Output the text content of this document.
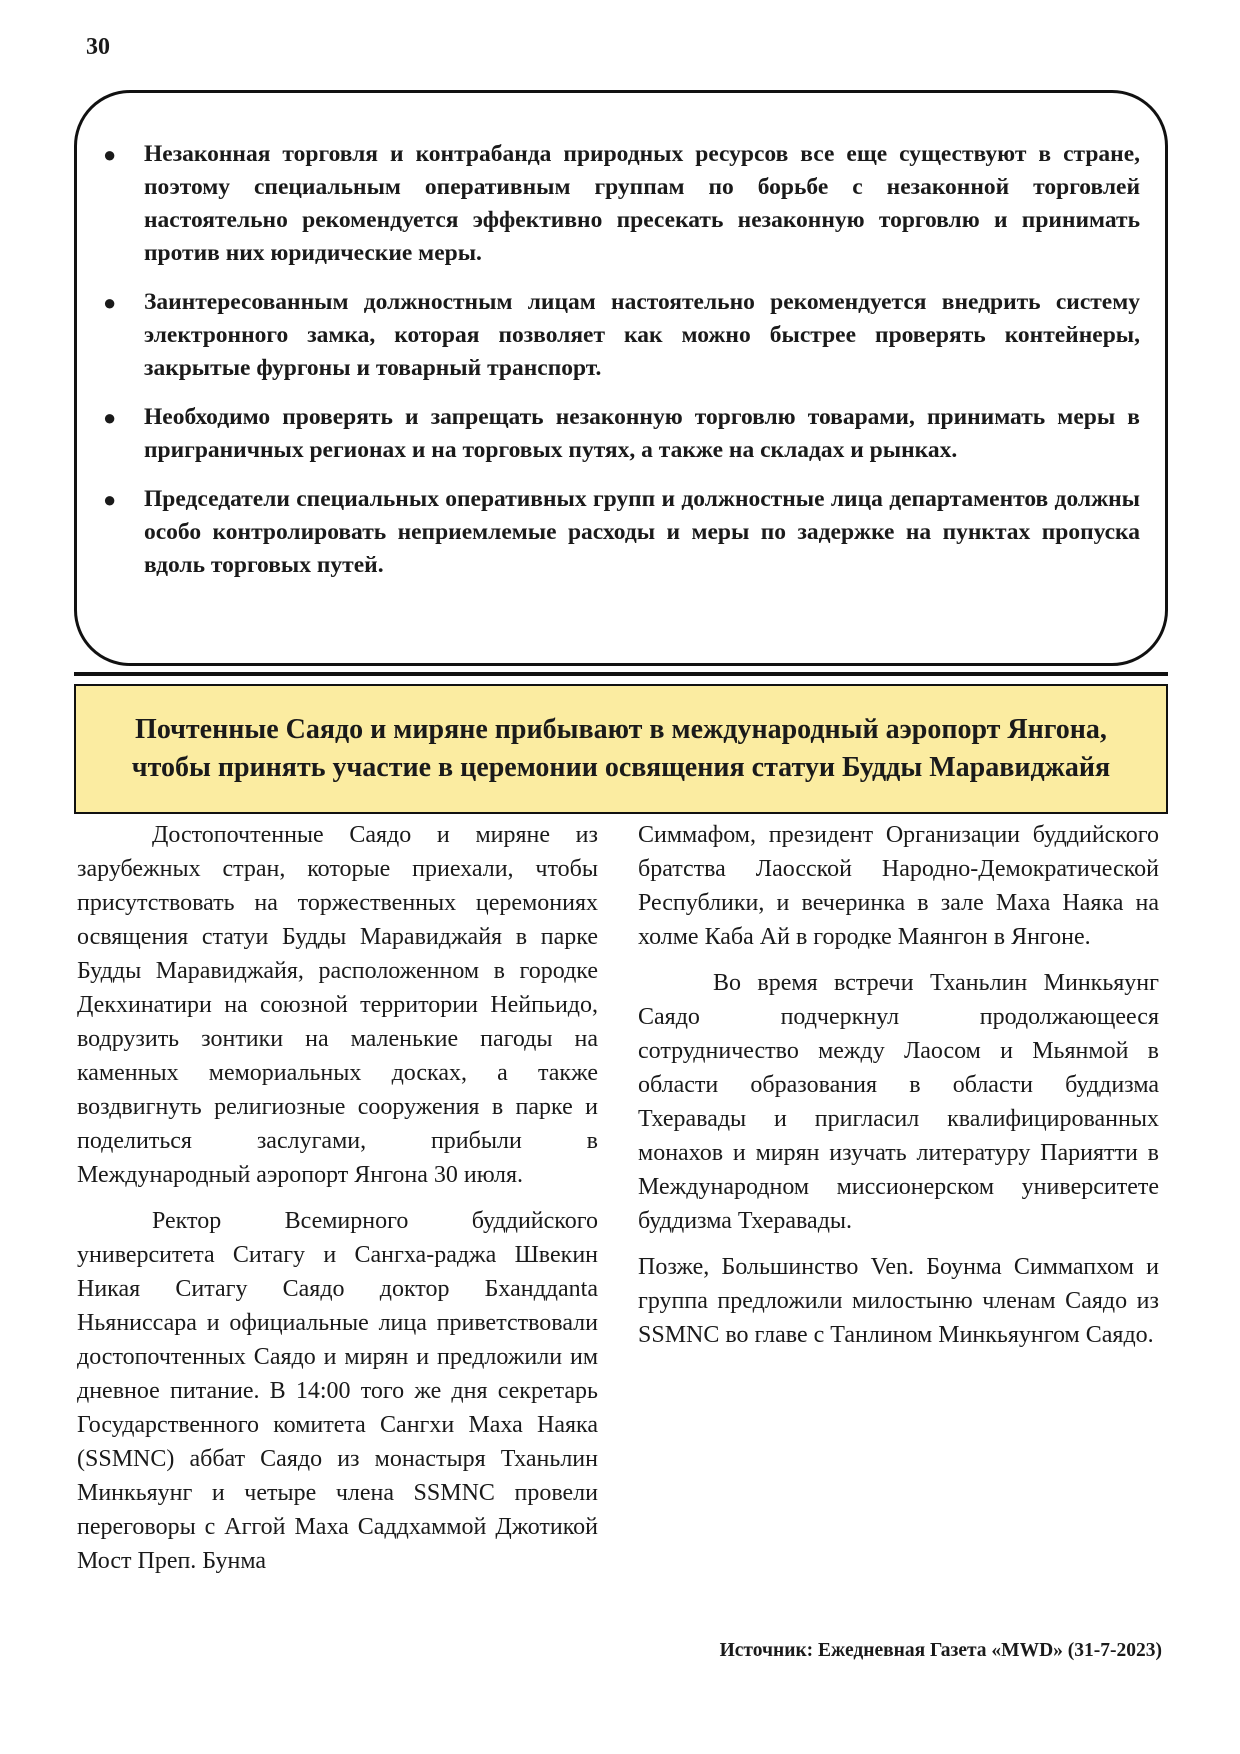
30
● Незаконная торговля и контрабанда природных ресурсов все еще существуют в стране, поэтому специальным оперативным группам по борьбе с незаконной торговлей настоятельно рекомендуется эффективно пресекать незаконную торговлю и принимать против них юридические меры.
● Заинтересованным должностным лицам настоятельно рекомендуется внедрить систему электронного замка, которая позволяет как можно быстрее проверять контейнеры, закрытые фургоны и товарный транспорт.
● Необходимо проверять и запрещать незаконную торговлю товарами, принимать меры в приграничных регионах и на торговых путях, а также на складах и рынках.
● Председатели специальных оперативных групп и должностные лица департаментов должны особо контролировать неприемлемые расходы и меры по задержке на пунктах пропуска вдоль торговых путей.
Почтенные Саядо и миряне прибывают в международный аэропорт Янгона, чтобы принять участие в церемонии освящения статуи Будды Маравиджайя

Достопочтенные Саядо и миряне из зарубежных стран, которые приехали, чтобы присутствовать на торжественных церемониях освящения статуи Будды Маравиджайя в парке Будды Маравиджайя, расположенном в городке Декхинатири на союзной территории Нейпьидо, водрузить зонтики на маленькие пагоды на каменных мемориальных досках, а также воздвигнуть религиозные сооружения в парке и поделиться заслугами, прибыли в Международный аэропорт Янгона 30 июля.

Ректор Всемирного буддийского университета Ситагу и Сангха-раджа Швекин Никая Ситагу Саядо доктор Бханддanta Ньяниссара и официальные лица приветствовали достопочтенных Саядо и мирян и предложили им дневное питание. В 14:00 того же дня секретарь Государственного комитета Сангхи Маха Наяка (SSMNC) аббат Саядо из монастыря Тханьлин Минкьяунг и четыре члена SSMNC провели переговоры с Аггой Маха Саддхаммой Джотикой Мост Преп. Бунма

Симмафом, президент Организации буддийского братства Лаосской Народно-Демократической Республики, и вечеринка в зале Маха Наяка на холме Каба Ай в городке Маянгон в Янгоне.

Во время встречи Тханьлин Минкьяунг Саядо подчеркнул продолжающееся сотрудничество между Лаосом и Мьянмой в области образования в области буддизма Тхеравады и пригласил квалифицированных монахов и мирян изучать литературу Париятти в Международном миссионерском университете буддизма Тхеравады.

Позже, Большинство Ven. Боунма Симмапхом и группа предложили милостыню членам Саядо из SSMNC во главе с Танлином Минкьяунгом Саядо.

Источник: Ежедневная Газета «MWD» (31-7-2023)
